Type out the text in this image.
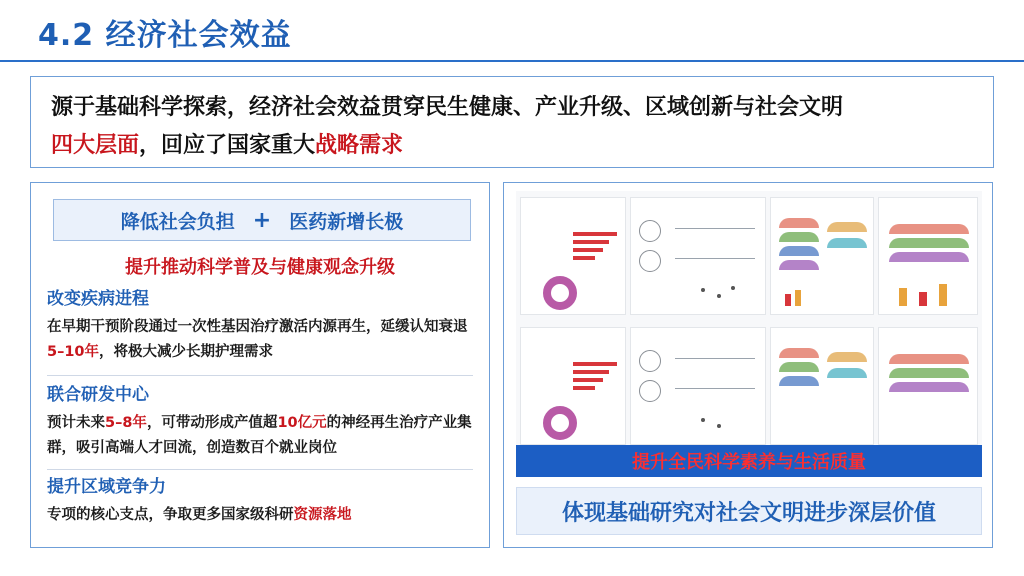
4.2 经济社会效益
源于基础科学探索，经济社会效益贯穿民生健康、产业升级、区域创新与社会文明
四大层面，回应了国家重大战略需求
降低社会负担 + 医药新增长极
提升推动科学普及与健康观念升级
改变疾病进程
在早期干预阶段通过一次性基因治疗激活内源再生，延缓认知衰退5–10年，将极大减少长期护理需求
联合研发中心
预计未来5–8年，可带动形成产值超10亿元的神经再生治疗产业集群，吸引高端人才回流，创造数百个就业岗位
提升区域竞争力
专项的核心支点，争取更多国家级科研资源落地
提升全民科学素养与生活质量
体现基础研究对社会文明进步深层价值
